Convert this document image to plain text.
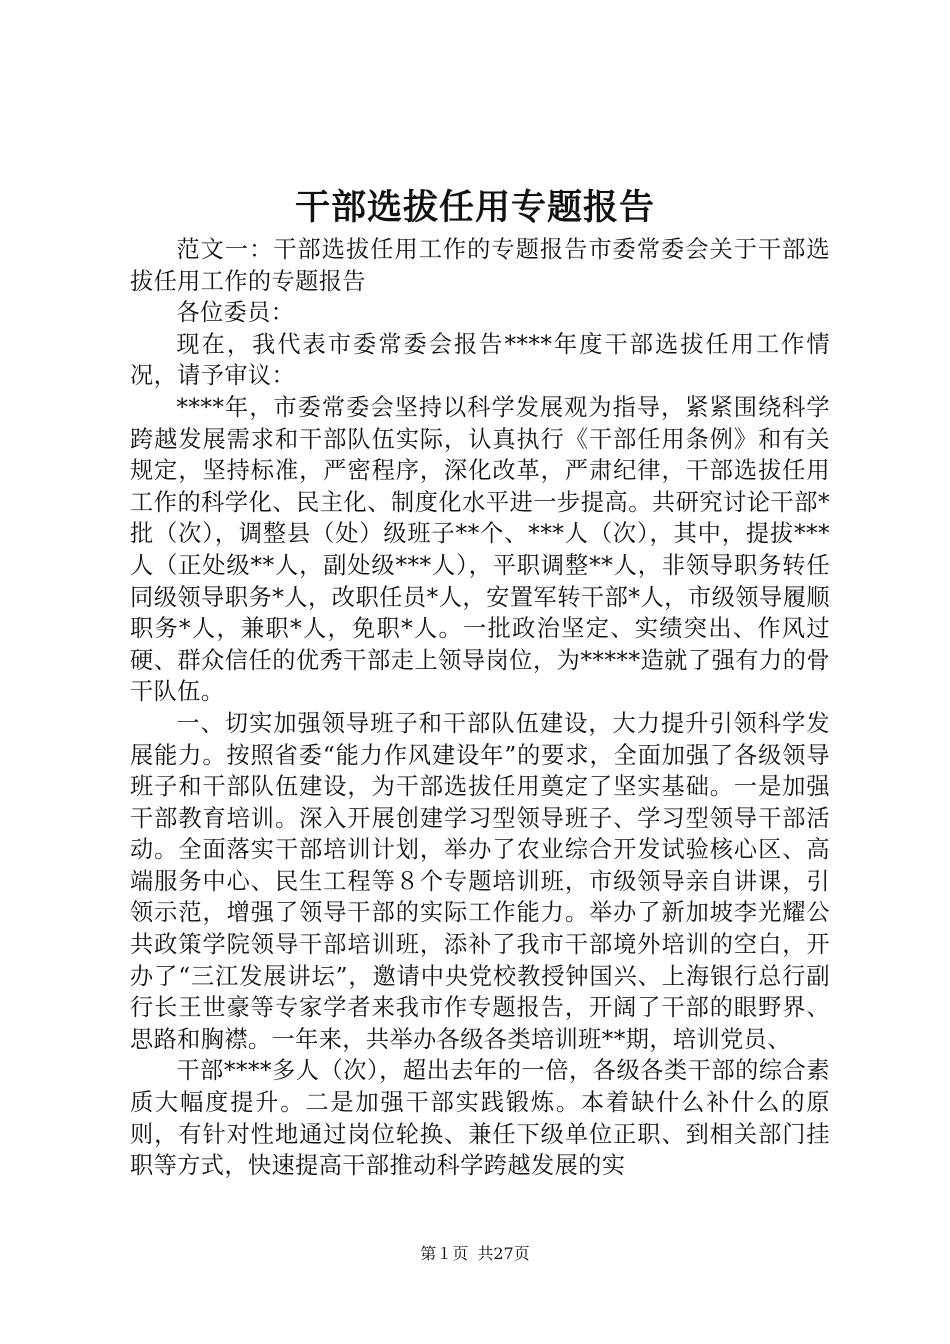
干部选拔任用专题报告

范文一：干部选拔任用工作的专题报告市委常委会关于干部选拔任用工作的专题报告

各位委员：

现在，我代表市委常委会报告****年度干部选拔任用工作情况，请予审议：

****年，市委常委会坚持以科学发展观为指导，紧紧围绕科学跨越发展需求和干部队伍实际，认真执行《干部任用条例》和有关规定，坚持标准，严密程序，深化改革，严肃纪律，干部选拔任用工作的科学化、民主化、制度化水平进一步提高。共研究讨论干部*批（次），调整县（处）级班子**个、***人（次），其中，提拔***人（正处级**人，副处级***人），平职调整**人，非领导职务转任同级领导职务*人，改职任员*人，安置军转干部*人，市级领导履顺职务*人，兼职*人，免职*人。一批政治坚定、实绩突出、作风过硬、群众信任的优秀干部走上领导岗位，为*****造就了强有力的骨干队伍。

一、切实加强领导班子和干部队伍建设，大力提升引领科学发展能力。按照省委“能力作风建设年”的要求，全面加强了各级领导班子和干部队伍建设，为干部选拔任用奠定了坚实基础。一是加强干部教育培训。深入开展创建学习型领导班子、学习型领导干部活动。全面落实干部培训计划，举办了农业综合开发试验核心区、高端服务中心、民生工程等８个专题培训班，市级领导亲自讲课，引领示范，增强了领导干部的实际工作能力。举办了新加坡李光耀公共政策学院领导干部培训班，添补了我市干部境外培训的空白，开办了“三江发展讲坛”，邀请中央党校教授钟国兴、上海银行总行副行长王世豪等专家学者来我市作专题报告，开阔了干部的眼野界、思路和胸襟。一年来，共举办各级各类培训班**期，培训党员、

干部****多人（次），超出去年的一倍，各级各类干部的综合素质大幅度提升。二是加强干部实践锻炼。本着缺什么补什么的原则，有针对性地通过岗位轮换、兼任下级单位正职、到相关部门挂职等方式，快速提高干部推动科学跨越发展的实

第１页 共27页
